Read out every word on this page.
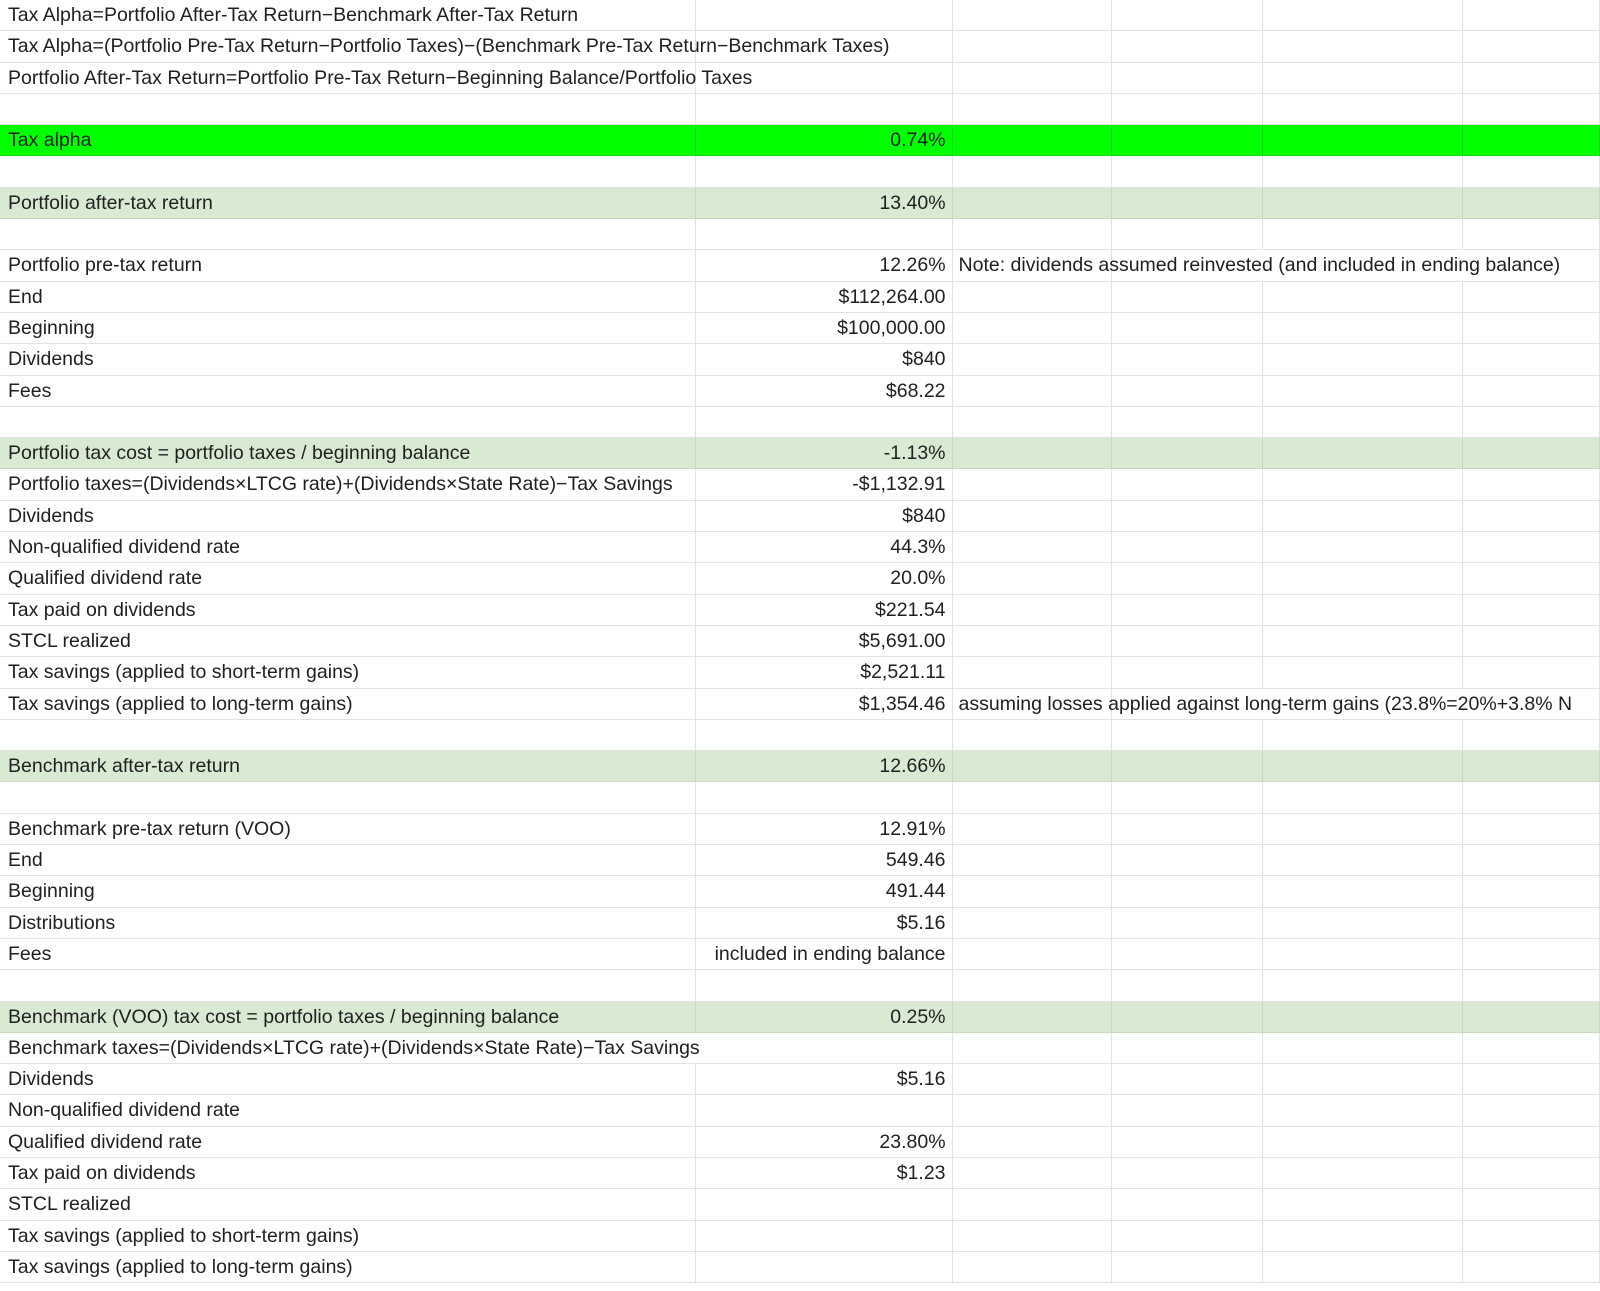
Tax Alpha=Portfolio After-Tax Return−Benchmark After-Tax Return
Tax Alpha=(Portfolio Pre-Tax Return−Portfolio Taxes)−(Benchmark Pre-Tax Return−Benchmark Taxes)
Portfolio After-Tax Return=Portfolio Pre-Tax Return−Beginning Balance/Portfolio Taxes
Tax alpha	0.74%
Portfolio after-tax return	13.40%
Portfolio pre-tax return	12.26% Note: dividends assumed reinvested (and included in ending balance)
End	$112,264.00
Beginning	$100,000.00
Dividends	$840
Fees	$68.22
Portfolio tax cost = portfolio taxes / beginning balance	-1.13%
Portfolio taxes=(Dividends×LTCG rate)+(Dividends×State Rate)−Tax Savings	-$1,132.91
Dividends	$840
Non-qualified dividend rate	44.3%
Qualified dividend rate	20.0%
Tax paid on dividends	$221.54
STCL realized	$5,691.00
Tax savings (applied to short-term gains)	$2,521.11
Tax savings (applied to long-term gains)	$1,354.46 assuming losses applied against long-term gains (23.8%=20%+3.8% N
Benchmark after-tax return	12.66%
Benchmark pre-tax return (VOO)	12.91%
End	549.46
Beginning	491.44
Distributions	$5.16
Fees	included in ending balance
Benchmark (VOO) tax cost = portfolio taxes / beginning balance	0.25%
Benchmark taxes=(Dividends×LTCG rate)+(Dividends×State Rate)−Tax Savings
Dividends	$5.16
Non-qualified dividend rate
Qualified dividend rate	23.80%
Tax paid on dividends	$1.23
STCL realized
Tax savings (applied to short-term gains)
Tax savings (applied to long-term gains)
